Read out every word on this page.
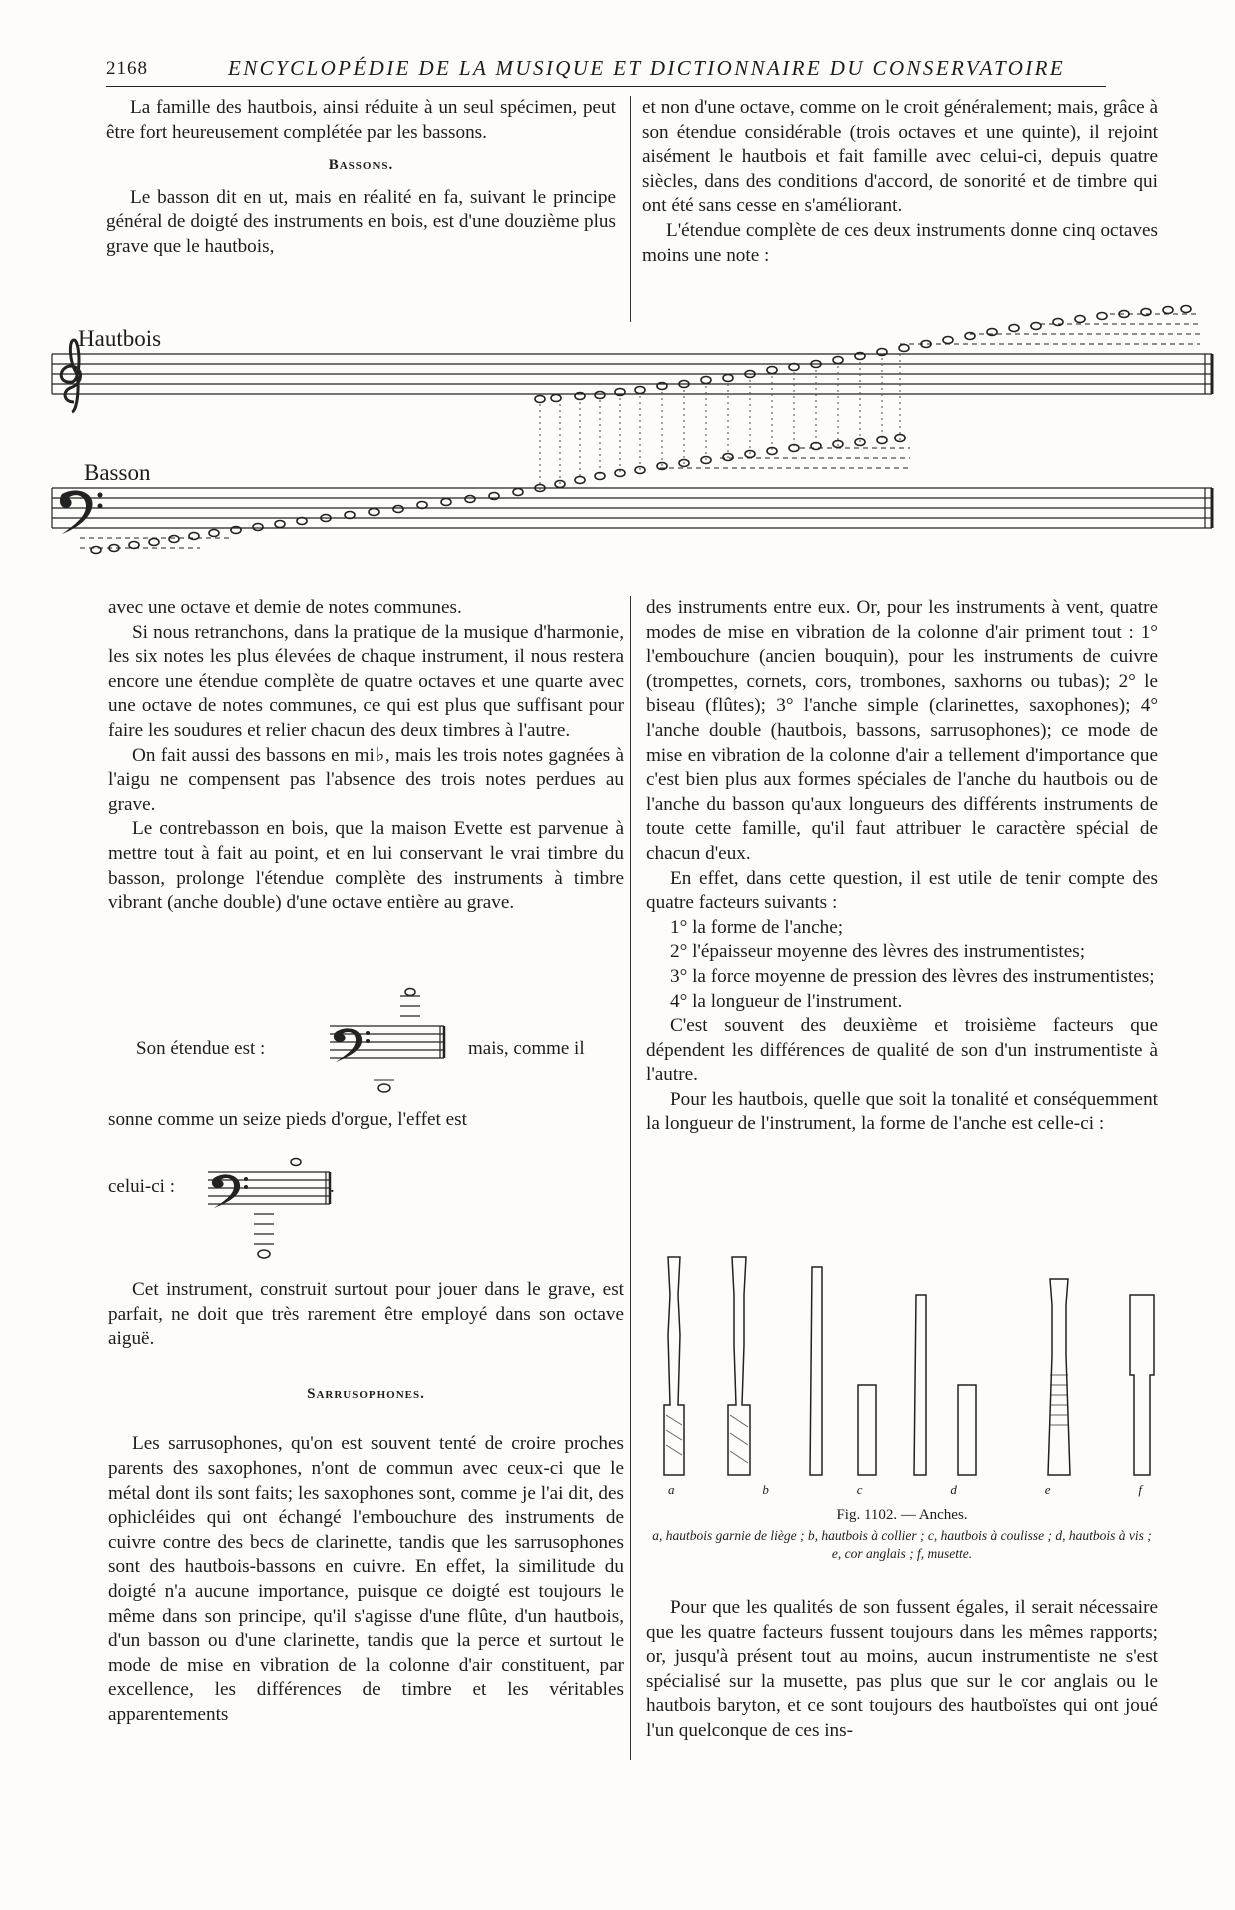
2168	ENCYCLOPÉDIE DE LA MUSIQUE ET DICTIONNAIRE DU CONSERVATOIRE

La famille des hautbois, ainsi réduite à un seul spécimen, peut être fort heureusement complétée par les bassons.

Bassons.

Le basson dit en ut, mais en réalité en fa, suivant le principe général de doigté des instruments en bois, est d'une douzième plus grave que le hautbois,

et non d'une octave, comme on le croit généralement; mais, grâce à son étendue considérable (trois octaves et une quinte), il rejoint aisément le hautbois et fait famille avec celui-ci, depuis quatre siècles, dans des conditions d'accord, de sonorité et de timbre qui ont été sans cesse en s'améliorant.

L'étendue complète de ces deux instruments donne cinq octaves moins une note :

Hautbois
Basson

avec une octave et demie de notes communes.

Si nous retranchons, dans la pratique de la musique d'harmonie, les six notes les plus élevées de chaque instrument, il nous restera encore une étendue complète de quatre octaves et une quarte avec une octave de notes communes, ce qui est plus que suffisant pour faire les soudures et relier chacun des deux timbres à l'autre.

On fait aussi des bassons en mi♭, mais les trois notes gagnées à l'aigu ne compensent pas l'absence des trois notes perdues au grave.

Le contrebasson en bois, que la maison Evette est parvenue à mettre tout à fait au point, et en lui conservant le vrai timbre du basson, prolonge l'étendue complète des instruments à timbre vibrant (anche double) d'une octave entière au grave.

Son étendue est :	mais, comme il

sonne comme un seize pieds d'orgue, l'effet est

celui-ci :	.

Cet instrument, construit surtout pour jouer dans le grave, est parfait, ne doit que très rarement être employé dans son octave aiguë.

Sarrusophones.

Les sarrusophones, qu'on est souvent tenté de croire proches parents des saxophones, n'ont de commun avec ceux-ci que le métal dont ils sont faits; les saxophones sont, comme je l'ai dit, des ophicléides qui ont échangé l'embouchure des instruments de cuivre contre des becs de clarinette, tandis que les sarrusophones sont des hautbois-bassons en cuivre. En effet, la similitude du doigté n'a aucune importance, puisque ce doigté est toujours le même dans son principe, qu'il s'agisse d'une flûte, d'un hautbois, d'un basson ou d'une clarinette, tandis que la perce et surtout le mode de mise en vibration de la colonne d'air constituent, par excellence, les différences de timbre et les véritables apparentements

des instruments entre eux. Or, pour les instruments à vent, quatre modes de mise en vibration de la colonne d'air priment tout : 1° l'embouchure (ancien bouquin), pour les instruments de cuivre (trompettes, cornets, cors, trombones, saxhorns ou tubas); 2° le biseau (flûtes); 3° l'anche simple (clarinettes, saxophones); 4° l'anche double (hautbois, bassons, sarrusophones); ce mode de mise en vibration de la colonne d'air a tellement d'importance que c'est bien plus aux formes spéciales de l'anche du hautbois ou de l'anche du basson qu'aux longueurs des différents instruments de toute cette famille, qu'il faut attribuer le caractère spécial de chacun d'eux.

En effet, dans cette question, il est utile de tenir compte des quatre facteurs suivants :

1° la forme de l'anche;

2° l'épaisseur moyenne des lèvres des instrumentistes;

3° la force moyenne de pression des lèvres des instrumentistes;

4° la longueur de l'instrument.

C'est souvent des deuxième et troisième facteurs que dépendent les différences de qualité de son d'un instrumentiste à l'autre.

Pour les hautbois, quelle que soit la tonalité et conséquemment la longueur de l'instrument, la forme de l'anche est celle-ci :

a	b	c	d	e	f

Fig. 1102. — Anches.

a, hautbois garnie de liège ; b, hautbois à collier ; c, hautbois à coulisse ; d, hautbois à vis ; e, cor anglais ; f, musette.

Pour que les qualités de son fussent égales, il serait nécessaire que les quatre facteurs fussent toujours dans les mêmes rapports; or, jusqu'à présent tout au moins, aucun instrumentiste ne s'est spécialisé sur la musette, pas plus que sur le cor anglais ou le hautbois baryton, et ce sont toujours des hautboïstes qui ont joué l'un quelconque de ces ins-
